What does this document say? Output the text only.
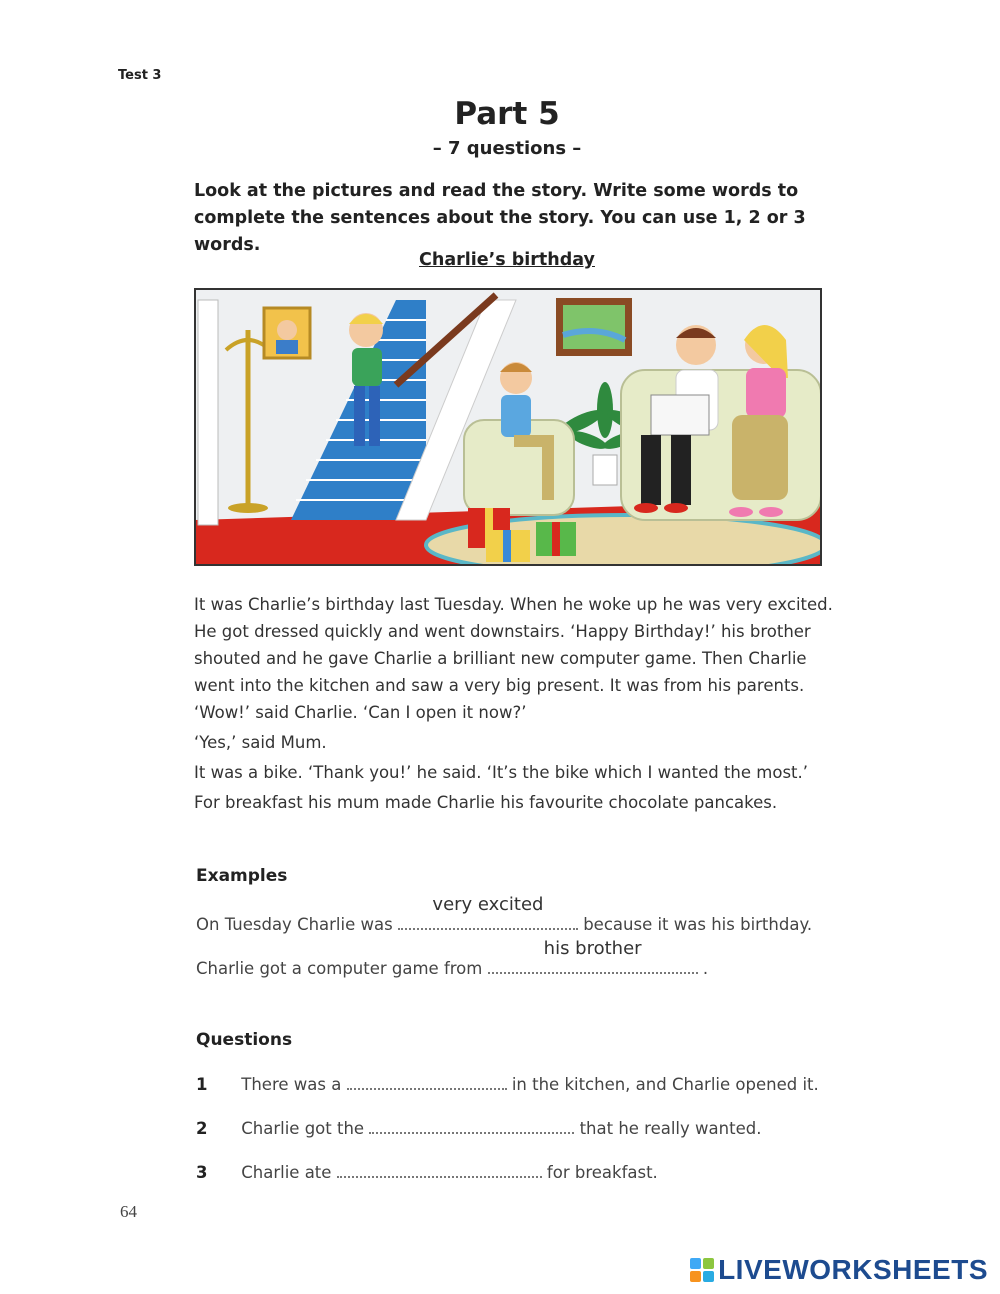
Test 3
Part 5
– 7 questions –
Look at the pictures and read the story. Write some words to complete the sentences about the story. You can use 1, 2 or 3 words.
Charlie’s birthday

It was Charlie’s birthday last Tuesday. When he woke up he was very excited. He got dressed quickly and went downstairs. ‘Happy Birthday!’ his brother shouted and he gave Charlie a brilliant new computer game. Then Charlie went into the kitchen and saw a very big present. It was from his parents. ‘Wow!’ said Charlie. ‘Can I open it now?’

‘Yes,’ said Mum.

It was a bike. ‘Thank you!’ he said. ‘It’s the bike which I wanted the most.’

For breakfast his mum made Charlie his favourite chocolate pancakes.

Examples
On Tuesday Charlie was
very excited
because it was his birthday.
Charlie got a computer game from
his brother
.
Questions
1 There was a	in the kitchen, and Charlie opened it.
2 Charlie got the	that he really wanted.
3 Charlie ate	for breakfast.
64
LIVEWORKSHEETS
